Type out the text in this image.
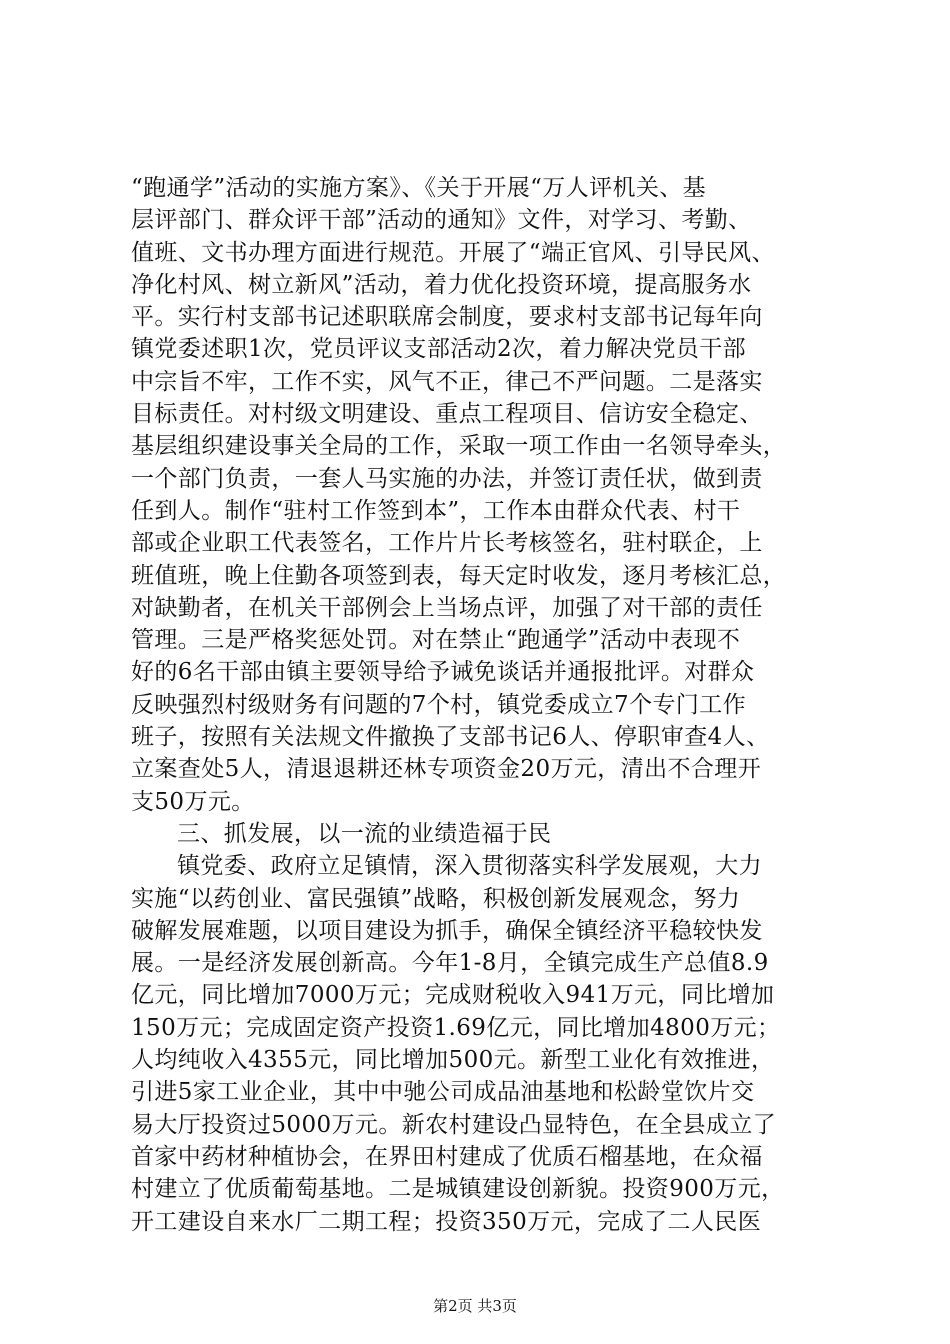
“跑通学”活动的实施方案》、《关于开展“万人评机关、基
层评部门、群众评干部”活动的通知》文件，对学习、考勤、
值班、文书办理方面进行规范。开展了“端正官风、引导民风、
净化村风、树立新风”活动，着力优化投资环境，提高服务水
平。实行村支部书记述职联席会制度，要求村支部书记每年向
镇党委述职1次，党员评议支部活动2次，着力解决党员干部
中宗旨不牢，工作不实，风气不正，律己不严问题。二是落实
目标责任。对村级文明建设、重点工程项目、信访安全稳定、
基层组织建设事关全局的工作，采取一项工作由一名领导牵头，
一个部门负责，一套人马实施的办法，并签订责任状，做到责
任到人。制作“驻村工作签到本”，工作本由群众代表、村干
部或企业职工代表签名，工作片片长考核签名，驻村联企，上
班值班，晚上住勤各项签到表，每天定时收发，逐月考核汇总，
对缺勤者，在机关干部例会上当场点评，加强了对干部的责任
管理。三是严格奖惩处罚。对在禁止“跑通学”活动中表现不
好的6名干部由镇主要领导给予诫免谈话并通报批评。对群众
反映强烈村级财务有问题的7个村，镇党委成立7个专门工作
班子，按照有关法规文件撤换了支部书记6人、停职审查4人、
立案查处5人，清退退耕还林专项资金20万元，清出不合理开
支50万元。
三、抓发展，以一流的业绩造福于民
镇党委、政府立足镇情，深入贯彻落实科学发展观，大力
实施“以药创业、富民强镇”战略，积极创新发展观念，努力
破解发展难题，以项目建设为抓手，确保全镇经济平稳较快发
展。一是经济发展创新高。今年1-8月，全镇完成生产总值8.9
亿元，同比增加7000万元；完成财税收入941万元，同比增加
150万元；完成固定资产投资1.69亿元，同比增加4800万元；
人均纯收入4355元，同比增加500元。新型工业化有效推进，
引进5家工业企业，其中中驰公司成品油基地和松龄堂饮片交
易大厅投资过5000万元。新农村建设凸显特色，在全县成立了
首家中药材种植协会，在界田村建成了优质石榴基地，在众福
村建立了优质葡萄基地。二是城镇建设创新貌。投资900万元，
开工建设自来水厂二期工程；投资350万元，完成了二人民医
第2页 共3页
